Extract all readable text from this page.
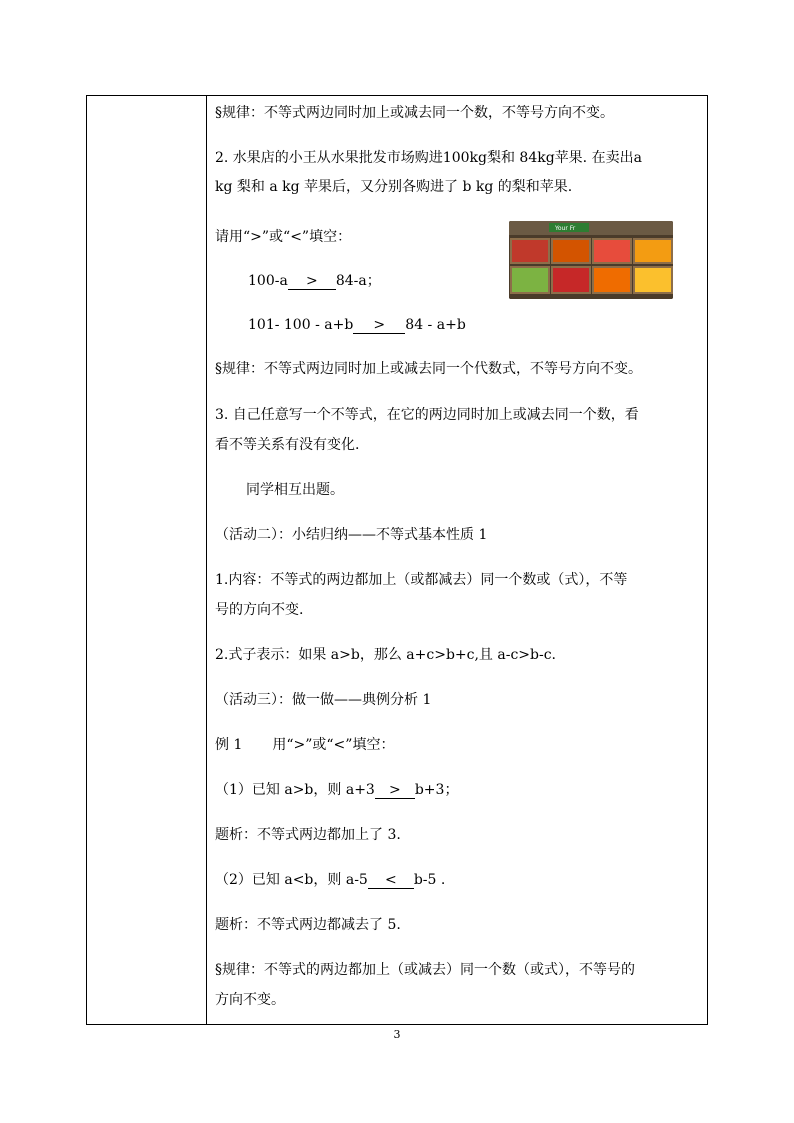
§规律：不等式两边同时加上或减去同一个数，不等号方向不变。
2. 水果店的小王从水果批发市场购进100kg梨和 84kg苹果. 在卖出a
kg 梨和 a kg 苹果后，又分别各购进了 b kg 的梨和苹果.
请用“>”或“<”填空：
100-a > 84-a；
101- 100 - a+b > 84 - a+b
Your Fr
§规律：不等式两边同时加上或减去同一个代数式，不等号方向不变。
3. 自己任意写一个不等式，在它的两边同时加上或减去同一个数，看
看不等关系有没有变化.
同学相互出题。
（活动二）：小结归纳——不等式基本性质 1
1.内容：不等式的两边都加上（或都减去）同一个数或（式），不等
号的方向不变.
2.式子表示：如果 a>b，那么 a+c>b+c,且 a-c>b-c.
（活动三）：做一做——典例分析 1
例 1 用“>”或“<”填空：
（1）已知 a>b，则 a+3 > b+3；
题析：不等式两边都加上了 3.
（2）已知 a<b，则 a-5 < b-5 .
题析：不等式两边都减去了 5.
§规律：不等式的两边都加上（或减去）同一个数（或式），不等号的
方向不变。
3
